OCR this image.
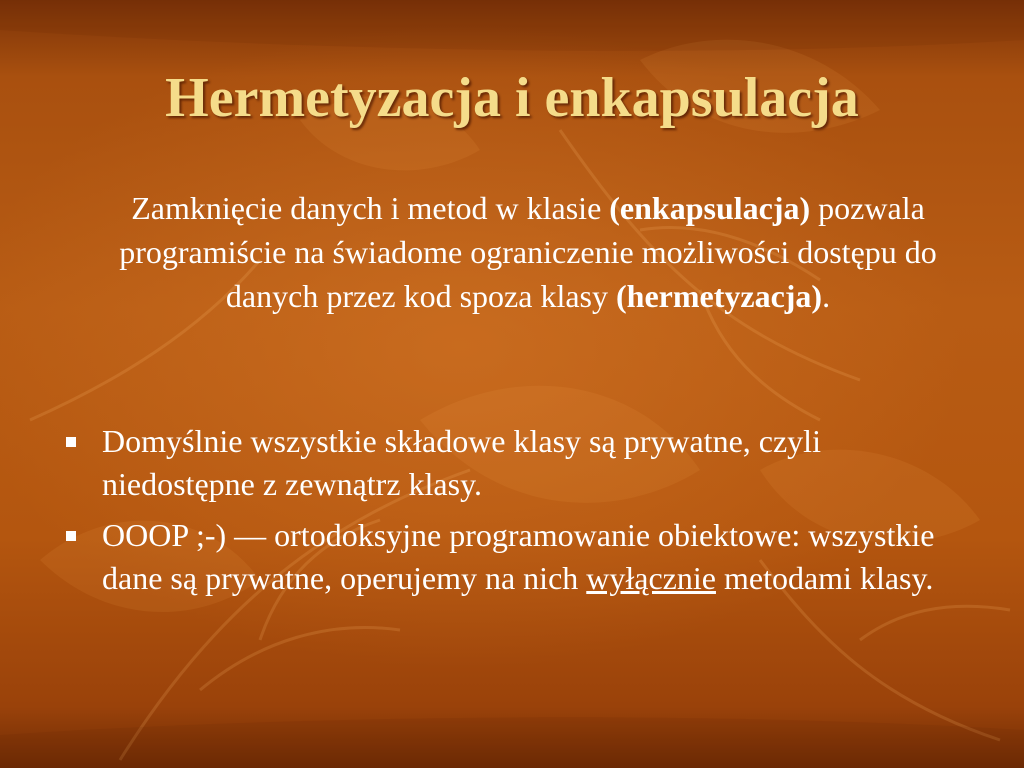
Hermetyzacja i enkapsulacja

Zamknięcie danych i metod w klasie (enkapsulacja) pozwala programiście na świadome ograniczenie możliwości dostępu do danych przez kod spoza klasy (hermetyzacja).

Domyślnie wszystkie składowe klasy są prywatne, czyli niedostępne z zewnątrz klasy.
OOOP ;-) — ortodoksyjne programowanie obiektowe: wszystkie dane są prywatne, operujemy na nich wyłącznie metodami klasy.
